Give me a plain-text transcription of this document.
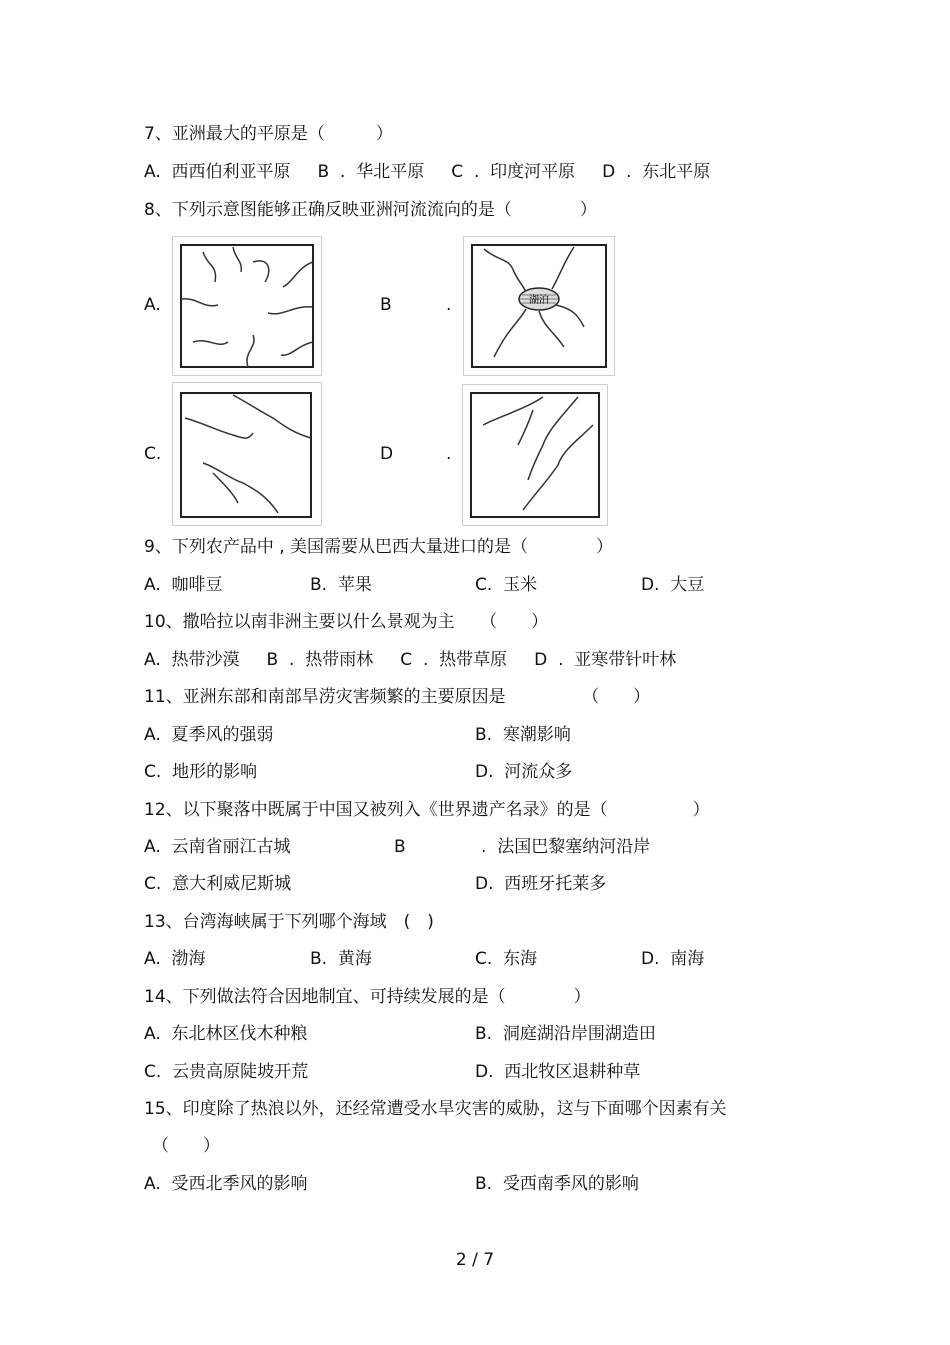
7、亚洲最大的平原是（　　　）
A.  西西伯利亚平原     B  .  华北平原     C  .  印度河平原     D  .  东北平原
8、下列示意图能够正确反映亚洲河流流向的是（　　　　）
A.	B	.	湖泊
C.	D	.
9、下列农产品中 , 美国需要从巴西大量进口的是（　　　　）
A.  咖啡豆	B.  苹果	C.  玉米	D.  大豆
10、撒哈拉以南非洲主要以什么景观为主　　（　　）
A.  热带沙漠     B  .  热带雨林     C  .  热带草原     D  .  亚寒带针叶林
11、亚洲东部和南部旱涝灾害频繁的主要原因是　　　　　（　　）
A.  夏季风的强弱	B.  寒潮影响
C.  地形的影响	D.  河流众多
12、以下聚落中既属于中国又被列入《世界遗产名录》的是（　　　　　）
A.  云南省丽江古城	B	.  法国巴黎塞纳河沿岸
C.  意大利威尼斯城	D.  西班牙托莱多
13、台湾海峡属于下列哪个海域　(　)
A.  渤海	B.  黄海	C.  东海	D.  南海
14、下列做法符合因地制宜、可持续发展的是（　　　　）
A.  东北林区伐木种粮	B.  洞庭湖沿岸围湖造田
C.  云贵高原陡坡开荒	D.  西北牧区退耕种草
15、印度除了热浪以外，还经常遭受水旱灾害的威胁，这与下面哪个因素有关
（　　）
A.  受西北季风的影响	B.  受西南季风的影响
2 / 7
